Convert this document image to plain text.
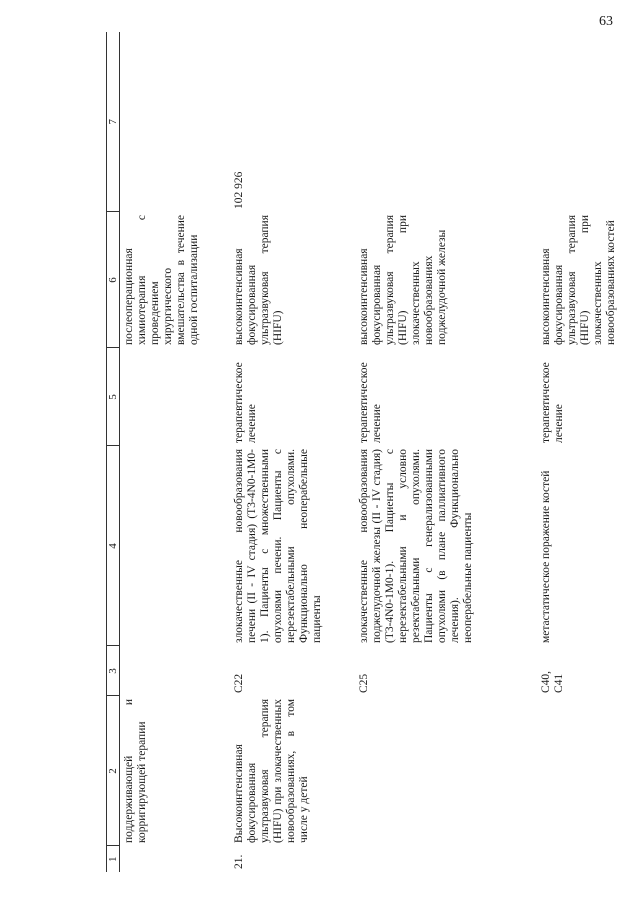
63
1	2	3	4	5	6	7
	поддерживающей и корригирующей терапии				послеоперационная химиотерапия с проведением хирургического вмешательства в течение одной госпитализации	
21.	Высокоинтенсивная фокусированная ультразвуковая терапия (HIFU) при злокачественных новообразованиях, в том числе у детей	C22	злокачественные новообразования печени (II - IV стадия) (T3-4N0-1M0-1). Пациенты с множественными опухолями печени. Пациенты с нерезектабельными опухолями. Функционально неоперабельные пациенты	терапевтическое лечение	высокоинтенсивная фокусированная ультразвуковая терапия (HIFU)	102 926
		C25	злокачественные новообразования поджелудочной железы (II - IV стадия) (T3-4N0-1M0-1). Пациенты с нерезектабельными и условно резектабельными опухолями. Пациенты с генерализованными опухолями (в плане паллиативного лечения). Функционально неоперабельные пациенты	терапевтическое лечение	высокоинтенсивная фокусированная ультразвуковая терапия (HIFU) при злокачественных новообразованиях поджелудочной железы	
		C40, C41	метастатическое поражение костей	терапевтическое лечение	высокоинтенсивная фокусированная ультразвуковая терапия (HIFU) при злокачественных новообразованиях костей	
